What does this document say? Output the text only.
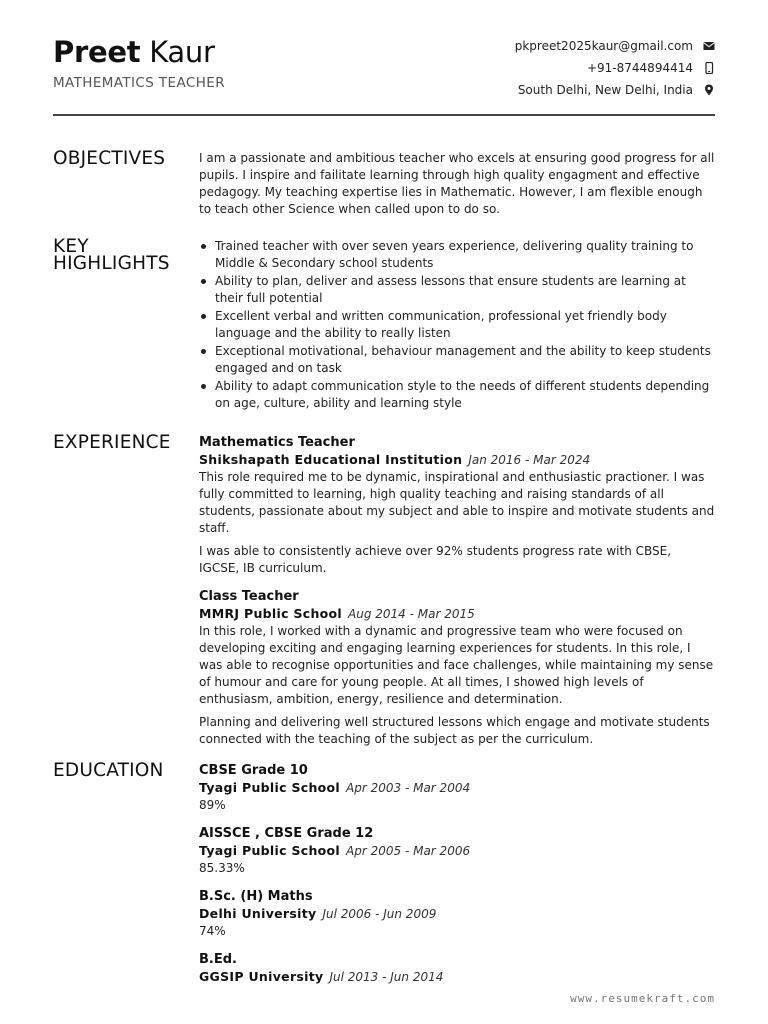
Preet Kaur
MATHEMATICS TEACHER
pkpreet2025kaur@gmail.com
+91-8744894414
South Delhi, New Delhi, India
OBJECTIVES	I am a passionate and ambitious teacher who excels at ensuring good progress for all pupils. I inspire and failitate learning through high quality engagment and effective pedagogy. My teaching expertise lies in Mathematic. However, I am flexible enough to teach other Science when called upon to do so.

KEY
HIGHLIGHTS
Trained teacher with over seven years experience, delivering quality training to Middle & Secondary school students
Ability to plan, deliver and assess lessons that ensure students are learning at their full potential
Excellent verbal and written communication, professional yet friendly body language and the ability to really listen
Exceptional motivational, behaviour management and the ability to keep students engaged and on task
Ability to adapt communication style to the needs of different students depending on age, culture, ability and learning style
EXPERIENCE	Mathematics Teacher
Shikshapath Educational Institution Jan 2016 - Mar 2024

This role required me to be dynamic, inspirational and enthusiastic practioner. I was fully committed to learning, high quality teaching and raising standards of all students, passionate about my subject and able to inspire and motivate students and staff.

I was able to consistently achieve over 92% students progress rate with CBSE, IGCSE, IB curriculum.

Class Teacher
MMRJ Public School Aug 2014 - Mar 2015

In this role, I worked with a dynamic and progressive team who were focused on developing exciting and engaging learning experiences for students. In this role, I was able to recognise opportunities and face challenges, while maintaining my sense of humour and care for young people. At all times, I showed high levels of enthusiasm, ambition, energy, resilience and determination.

Planning and delivering well structured lessons which engage and motivate students connected with the teaching of the subject as per the curriculum.

EDUCATION	CBSE Grade 10
Tyagi Public School Apr 2003 - Mar 2004

89%

AISSCE , CBSE Grade 12
Tyagi Public School Apr 2005 - Mar 2006

85.33%

B.Sc. (H) Maths
Delhi University Jul 2006 - Jun 2009

74%

B.Ed.
GGSIP University Jul 2013 - Jun 2014
www.resumekraft.com
